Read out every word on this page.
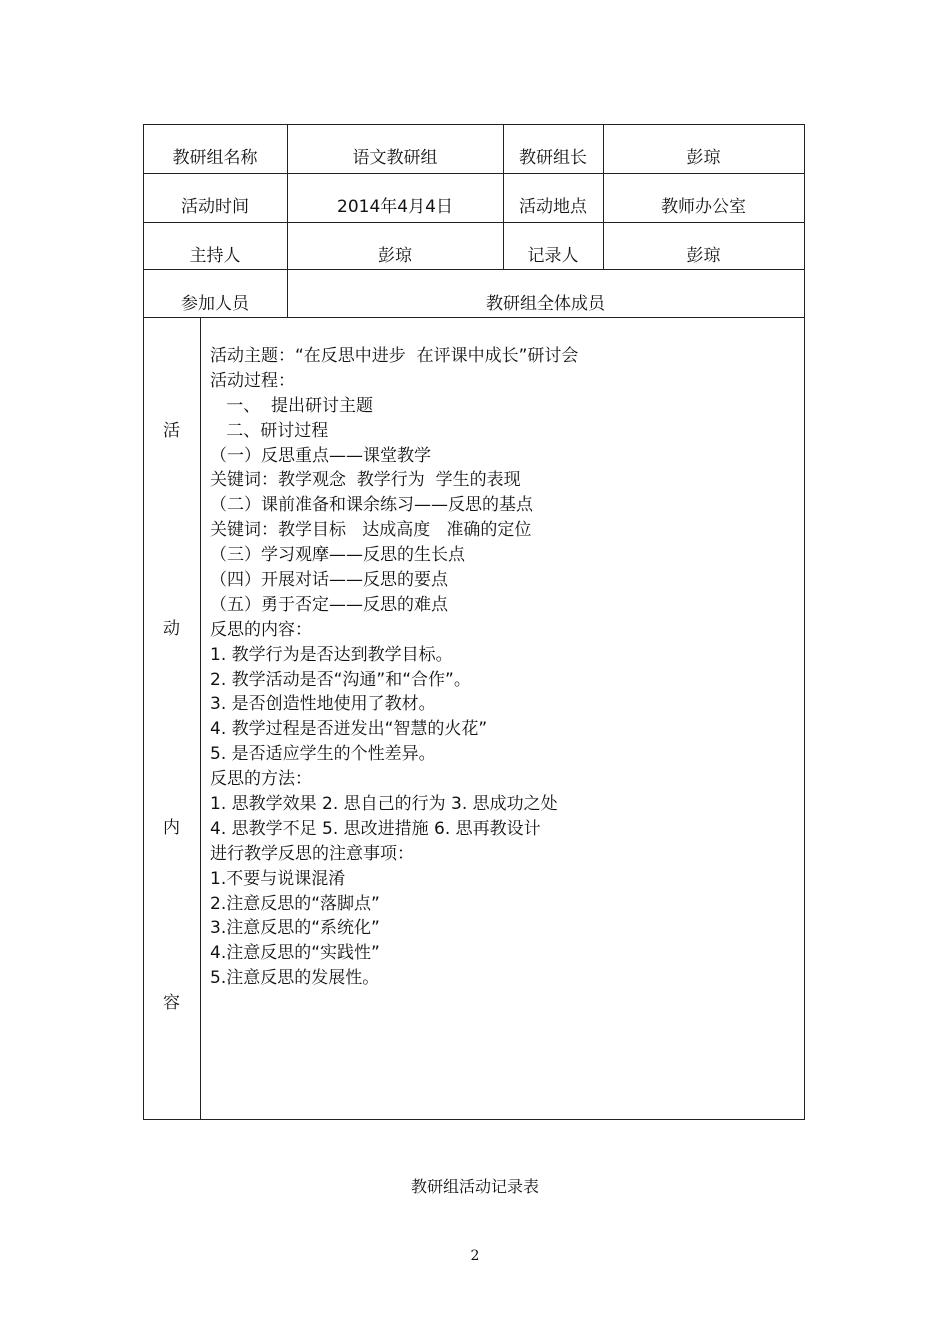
教研组名称	语文教研组	教研组长	彭琼
活动时间	2014年4月4日	活动地点	教师办公室
主持人	彭琼	记录人	彭琼
参加人员	教研组全体成员
活
动
内
容
活动主题：“在反思中进步  在评课中成长”研讨会
活动过程：
一、  提出研讨主题
二、研讨过程
（一）反思重点——课堂教学
关键词：教学观念  教学行为  学生的表现
（二）课前准备和课余练习——反思的基点
关键词：教学目标   达成高度   准确的定位
（三）学习观摩——反思的生长点
（四）开展对话——反思的要点
（五）勇于否定——反思的难点
反思的内容：
1. 教学行为是否达到教学目标。
2. 教学活动是否“沟通”和“合作”。
3. 是否创造性地使用了教材。
4. 教学过程是否迸发出“智慧的火花”
5. 是否适应学生的个性差异。
反思的方法：
1. 思教学效果 2. 思自己的行为 3. 思成功之处
4. 思教学不足 5. 思改进措施 6. 思再教设计
进行教学反思的注意事项：
1.不要与说课混淆
2.注意反思的“落脚点”
3.注意反思的“系统化”
4.注意反思的“实践性”
5.注意反思的发展性。
教研组活动记录表
2
